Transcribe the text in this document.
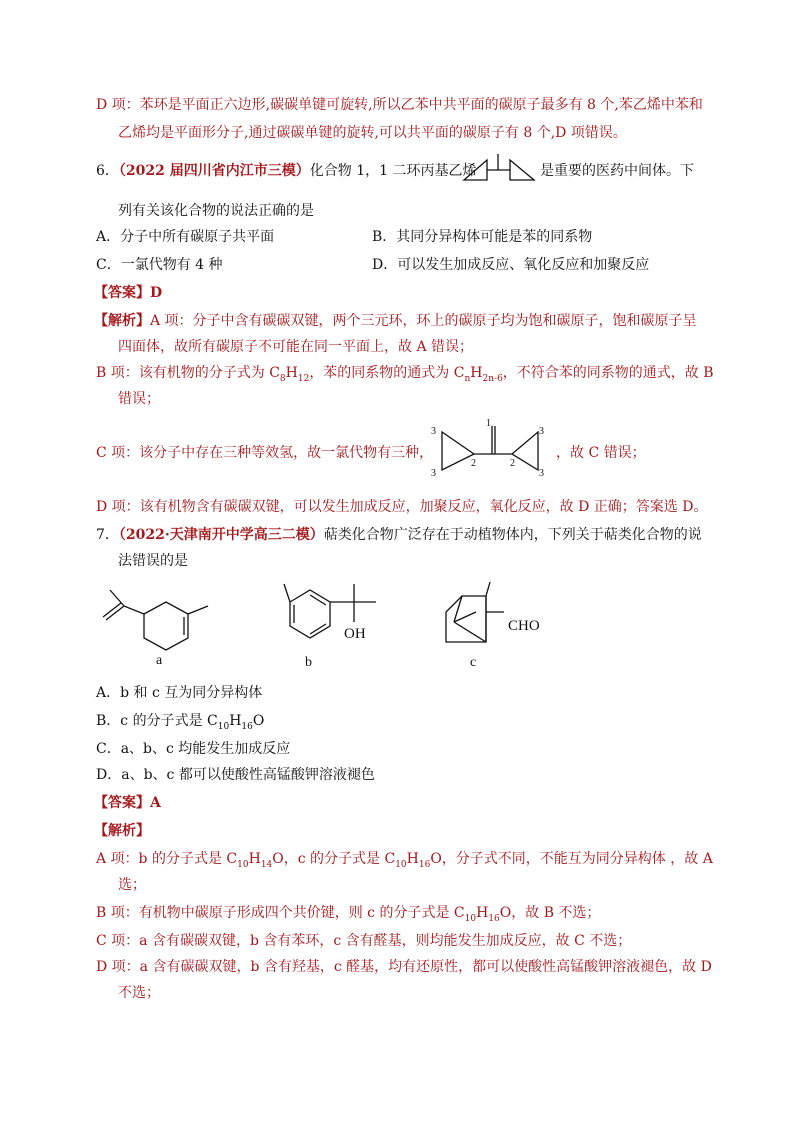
D 项：苯环是平面正六边形,碳碳单键可旋转,所以乙苯中共平面的碳原子最多有 8 个,苯乙烯中苯和
乙烯均是平面形分子,通过碳碳单键的旋转,可以共平面的碳原子有 8 个,D 项错误。
6．（2022 届四川省内江市三模）化合物 1，1 二环丙基乙烯	是重要的医药中间体。下
列有关该化合物的说法正确的是
A．分子中所有碳原子共平面	B．其同分异构体可能是苯的同系物
C．一氯代物有 4 种	D．可以发生加成反应、氧化反应和加聚反应
【答案】D
【解析】A 项：分子中含有碳碳双键，两个三元环，环上的碳原子均为饱和碳原子，饱和碳原子呈
四面体，故所有碳原子不可能在同一平面上，故 A 错误；
B 项：该有机物的分子式为 $C_8H_{12}$，苯的同系物的通式为 $C_nH_{2n-6}$，不符合苯的同系物的通式，故 B
错误；
C 项：该分子中存在三种等效氢，故一氯代物有三种，
1
2	2
3
3
3
3
，故 C 错误；
D 项：该有机物含有碳碳双键，可以发生加成反应，加聚反应，氧化反应，故 D 正确；答案选 D。
7．（2022·天津南开中学高三二模）萜类化合物广泛存在于动植物体内，下列关于萜类化合物的说
法错误的是
a
OH
b
CHO
c
A．b 和 c 互为同分异构体
B．c 的分子式是 $C_{10}H_{16}O$
C．a、b、c 均能发生加成反应
D．a、b、c 都可以使酸性高锰酸钾溶液褪色
【答案】A
【解析】
A 项：b 的分子式是 $C_{10}H_{14}O$，c 的分子式是 $C_{10}H_{16}O$，分子式不同，不能互为同分异构体 ，故 A
选；
B 项：有机物中碳原子形成四个共价键，则 c 的分子式是 $C_{10}H_{16}O$，故 B 不选；
C 项：a 含有碳碳双键，b 含有苯环，c 含有醛基，则均能发生加成反应，故 C 不选；
D 项：a 含有碳碳双键，b 含有羟基，c 醛基，均有还原性，都可以使酸性高锰酸钾溶液褪色，故 D
不选；
